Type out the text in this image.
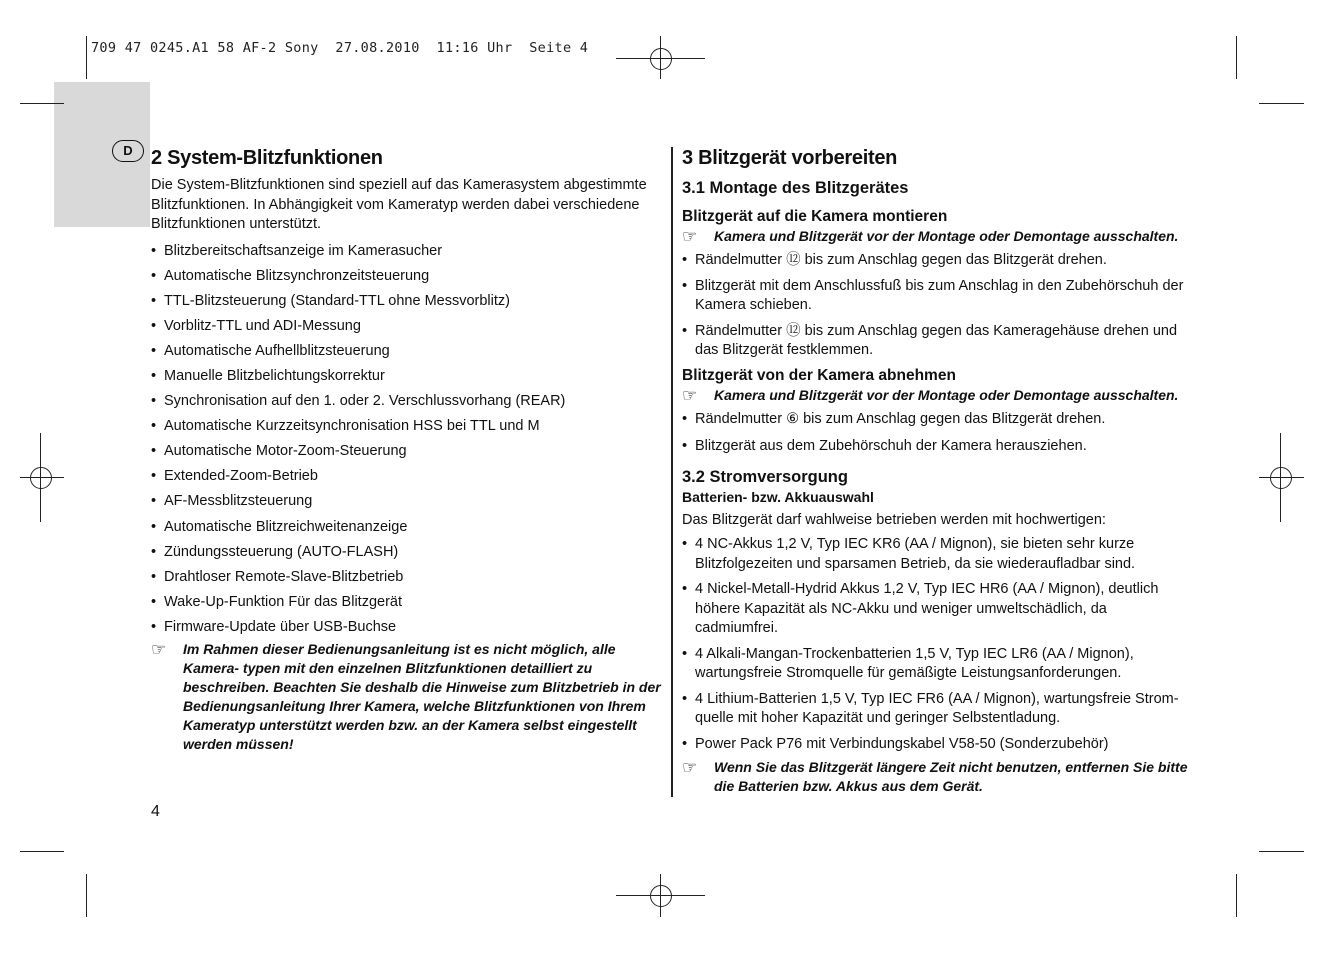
709 47 0245.A1 58 AF-2 Sony  27.08.2010  11:16 Uhr  Seite 4
D 2 System-Blitzfunktionen

Die System-Blitzfunktionen sind speziell auf das Kamerasystem abgestimmte Blitzfunktionen. In Abhängigkeit vom Kameratyp werden dabei verschiedene Blitzfunktionen unterstützt.

• Blitzbereitschaftsanzeige im Kamerasucher
• Automatische Blitzsynchronzeitsteuerung
• TTL-Blitzsteuerung (Standard-TTL ohne Messvorblitz)
• Vorblitz-TTL und ADI-Messung
• Automatische Aufhellblitzsteuerung
• Manuelle Blitzbelichtungskorrektur
• Synchronisation auf den 1. oder 2. Verschlussvorhang (REAR)
• Automatische Kurzzeitsynchronisation HSS bei TTL und M
• Automatische Motor-Zoom-Steuerung
• Extended-Zoom-Betrieb
• AF-Messblitzsteuerung
• Automatische Blitzreichweitenanzeige
• Zündungssteuerung (AUTO-FLASH)
• Drahtloser Remote-Slave-Blitzbetrieb
• Wake-Up-Funktion Für das Blitzgerät
• Firmware-Update über USB-Buchse
☞	Im Rahmen dieser Bedienungsanleitung ist es nicht möglich, alle Kamera- typen mit den einzelnen Blitzfunktionen detailliert zu beschreiben. Beachten Sie deshalb die Hinweise zum Blitzbetrieb in der Bedienungsanleitung Ihrer Kamera, welche Blitzfunktionen von Ihrem Kameratyp unterstützt werden bzw. an der Kamera selbst eingestellt werden müssen!
3 Blitzgerät vorbereiten
3.1 Montage des Blitzgerätes
Blitzgerät auf die Kamera montieren
☞	Kamera und Blitzgerät vor der Montage oder Demontage ausschalten.
• Rändelmutter ⑫ bis zum Anschlag gegen das Blitzgerät drehen.
• Blitzgerät mit dem Anschlussfuß bis zum Anschlag in den Zubehörschuh der Kamera schieben.
• Rändelmutter ⑫ bis zum Anschlag gegen das Kameragehäuse drehen und das Blitzgerät festklemmen.
Blitzgerät von der Kamera abnehmen
☞	Kamera und Blitzgerät vor der Montage oder Demontage ausschalten.
• Rändelmutter ⑥ bis zum Anschlag gegen das Blitzgerät drehen.
• Blitzgerät aus dem Zubehörschuh der Kamera herausziehen.
3.2 Stromversorgung
Batterien- bzw. Akkuauswahl

Das Blitzgerät darf wahlweise betrieben werden mit hochwertigen:

• 4 NC-Akkus 1,2 V, Typ IEC KR6 (AA / Mignon), sie bieten sehr kurze Blitzfolgezeiten und sparsamen Betrieb, da sie wiederaufladbar sind.
• 4 Nickel-Metall-Hydrid Akkus 1,2 V, Typ IEC HR6 (AA / Mignon), deutlich höhere Kapazität als NC-Akku und weniger umweltschädlich, da cadmiumfrei.
• 4 Alkali-Mangan-Trockenbatterien 1,5 V, Typ IEC LR6 (AA / Mignon), wartungsfreie Stromquelle für gemäßigte Leistungsanforderungen.
• 4 Lithium-Batterien 1,5 V, Typ IEC FR6 (AA / Mignon), wartungsfreie Strom- quelle mit hoher Kapazität und geringer Selbstentladung.
• Power Pack P76 mit Verbindungskabel V58-50 (Sonderzubehör)
☞	Wenn Sie das Blitzgerät längere Zeit nicht benutzen, entfernen Sie bitte die Batterien bzw. Akkus aus dem Gerät.
4
